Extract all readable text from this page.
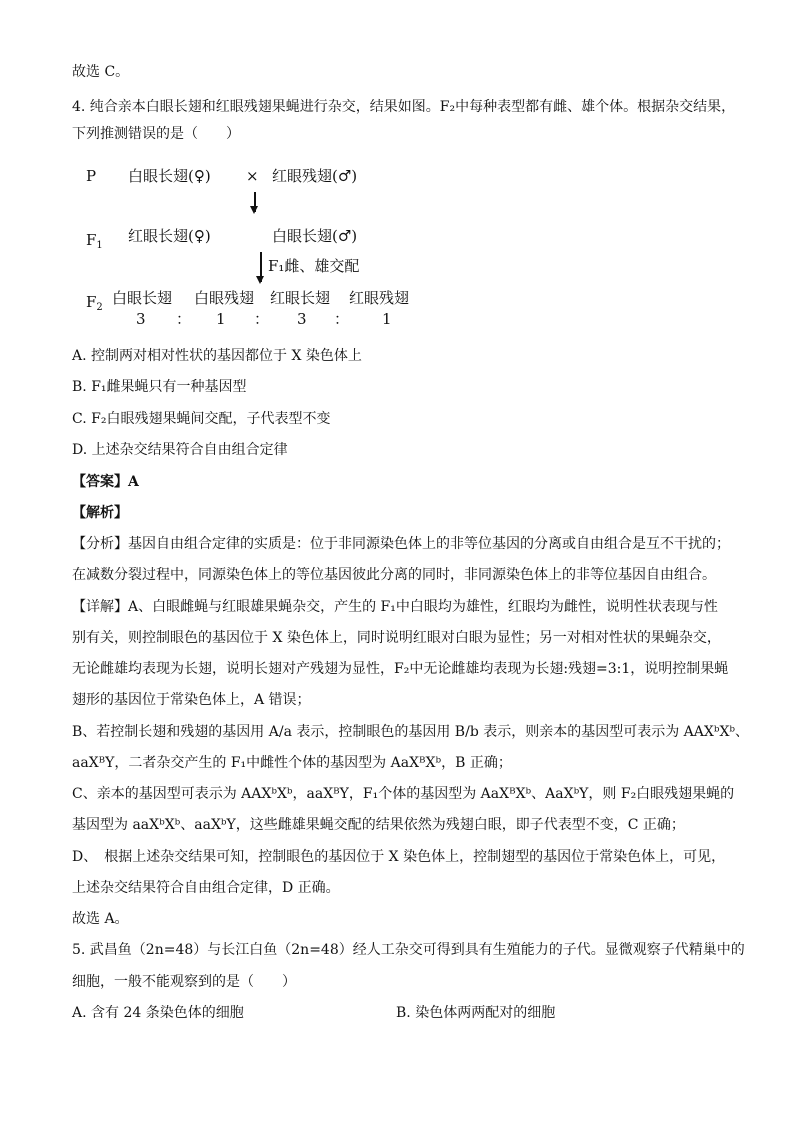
故选 C。
4. 纯合亲本白眼长翅和红眼残翅果蝇进行杂交，结果如图。F₂中每种表型都有雌、雄个体。根据杂交结果，
下列推测错误的是（　　）
P 白眼长翅(♀) × 红眼残翅(♂)
$F_1$
红眼长翅(♀)	白眼长翅(♂)
F₁雌、雄交配
$F_2$
白眼长翅 白眼残翅 红眼长翅 红眼残翅
3 ： 1 ： 3 ： 1
A. 控制两对相对性状的基因都位于 X 染色体上
B. F₁雌果蝇只有一种基因型
C. F₂白眼残翅果蝇间交配，子代表型不变
D. 上述杂交结果符合自由组合定律
【答案】A
【解析】
【分析】基因自由组合定律的实质是：位于非同源染色体上的非等位基因的分离或自由组合是互不干扰的；
在减数分裂过程中，同源染色体上的等位基因彼此分离的同时，非同源染色体上的非等位基因自由组合。
【详解】A、白眼雌蝇与红眼雄果蝇杂交，产生的 F₁中白眼均为雄性，红眼均为雌性，说明性状表现与性
别有关，则控制眼色的基因位于 X 染色体上，同时说明红眼对白眼为显性；另一对相对性状的果蝇杂交，
无论雌雄均表现为长翅，说明长翅对产残翅为显性，F₂中无论雌雄均表现为长翅:残翅=3:1，说明控制果蝇
翅形的基因位于常染色体上，A 错误；
B、若控制长翅和残翅的基因用 A/a 表示，控制眼色的基因用 B/b 表示，则亲本的基因型可表示为 AAXᵇXᵇ、
aaXᴮY，二者杂交产生的 F₁中雌性个体的基因型为 AaXᴮXᵇ，B 正确；
C、亲本的基因型可表示为 AAXᵇXᵇ，aaXᴮY，F₁个体的基因型为 AaXᴮXᵇ、AaXᵇY，则 F₂白眼残翅果蝇的
基因型为 aaXᵇXᵇ、aaXᵇY，这些雌雄果蝇交配的结果依然为残翅白眼，即子代表型不变，C 正确；
D、　根据上述杂交结果可知，控制眼色的基因位于 X 染色体上，控制翅型的基因位于常染色体上，可见，
上述杂交结果符合自由组合定律，D 正确。
故选 A。
5. 武昌鱼（2n=48）与长江白鱼（2n=48）经人工杂交可得到具有生殖能力的子代。显微观察子代精巢中的
细胞，一般不能观察到的是（　　）
A. 含有 24 条染色体的细胞	B. 染色体两两配对的细胞
